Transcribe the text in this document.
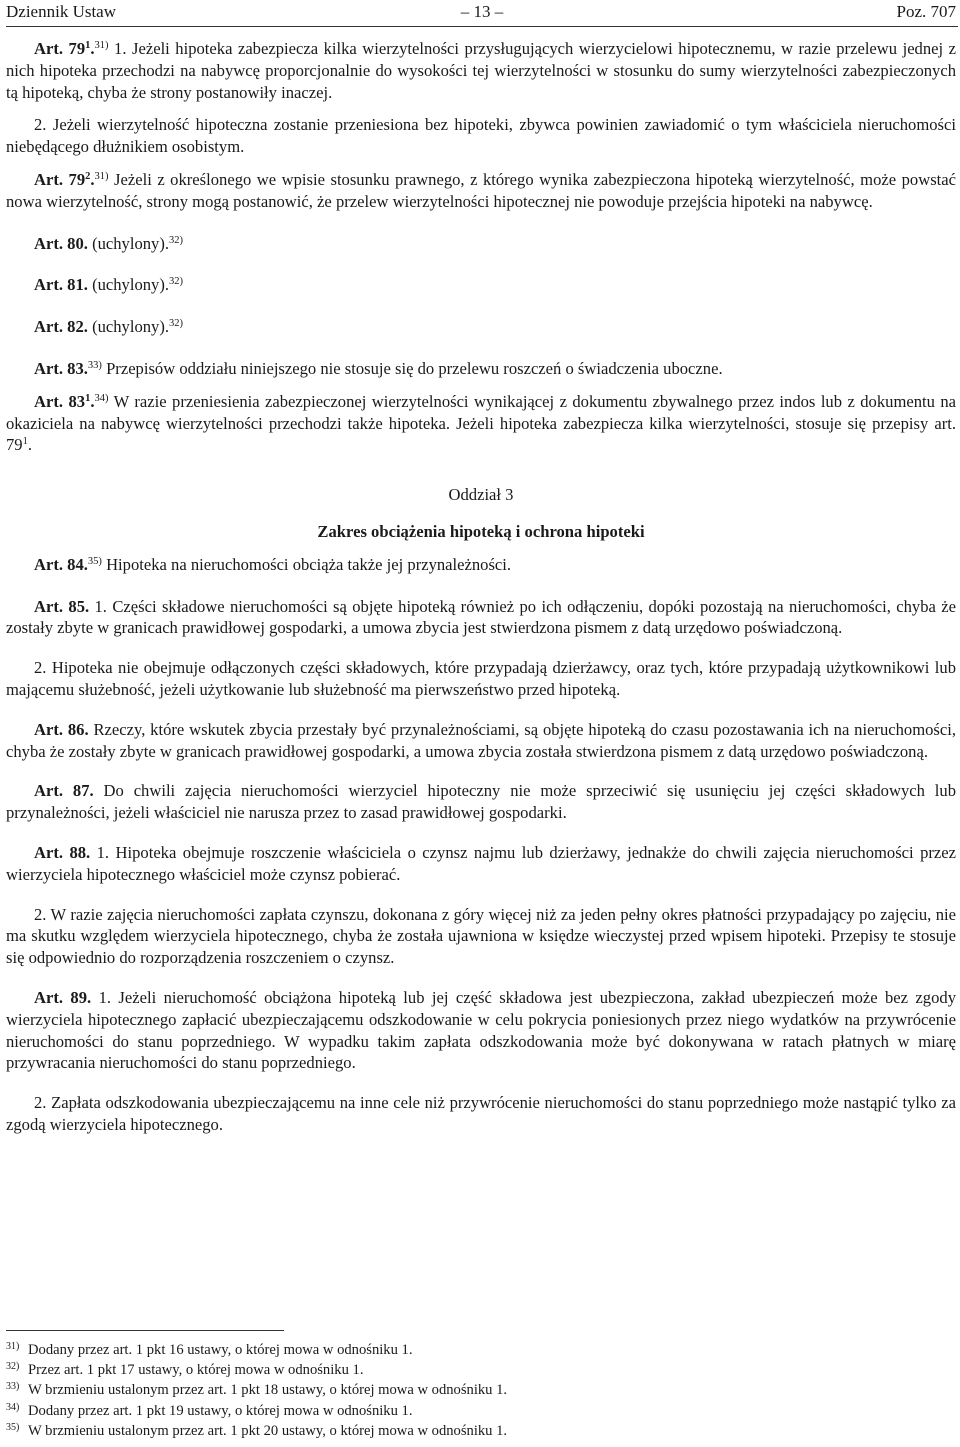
Dziennik Ustaw	– 13 –	Poz. 707

Art. $79^1.^{31)}$ 1. Jeżeli hipoteka zabezpiecza kilka wierzytelności przysługujących wierzycielowi hipotecznemu, w razie przelewu jednej z nich hipoteka przechodzi na nabywcę proporcjonalnie do wysokości tej wierzytelności w stosunku do sumy wierzytelności zabezpieczonych tą hipoteką, chyba że strony postanowiły inaczej.

2. Jeżeli wierzytelność hipoteczna zostanie przeniesiona bez hipoteki, zbywca powinien zawiadomić o tym właściciela nieruchomości niebędącego dłużnikiem osobistym.

Art. $79^2.^{31)}$ Jeżeli z określonego we wpisie stosunku prawnego, z którego wynika zabezpieczona hipoteką wierzytelność, może powstać nowa wierzytelność, strony mogą postanowić, że przelew wierzytelności hipotecznej nie powoduje przejścia hipoteki na nabywcę.

Art. 80. (uchylony).$^{32)}$

Art. 81. (uchylony).$^{32)}$

Art. 82. (uchylony).$^{32)}$

Art. 83.$^{33)}$ Przepisów oddziału niniejszego nie stosuje się do przelewu roszczeń o świadczenia uboczne.

Art. $83^1.^{34)}$ W razie przeniesienia zabezpieczonej wierzytelności wynikającej z dokumentu zbywalnego przez indos lub z dokumentu na okaziciela na nabywcę wierzytelności przechodzi także hipoteka. Jeżeli hipoteka zabezpiecza kilka wierzytelności, stosuje się przepisy art. $79^1$.

Oddział 3

Zakres obciążenia hipoteką i ochrona hipoteki

Art. 84.$^{35)}$ Hipoteka na nieruchomości obciąża także jej przynależności.

Art. 85. 1. Części składowe nieruchomości są objęte hipoteką również po ich odłączeniu, dopóki pozostają na nieruchomości, chyba że zostały zbyte w granicach prawidłowej gospodarki, a umowa zbycia jest stwierdzona pismem z datą urzędowo poświadczoną.

2. Hipoteka nie obejmuje odłączonych części składowych, które przypadają dzierżawcy, oraz tych, które przypadają użytkownikowi lub mającemu służebność, jeżeli użytkowanie lub służebność ma pierwszeństwo przed hipoteką.

Art. 86. Rzeczy, które wskutek zbycia przestały być przynależnościami, są objęte hipoteką do czasu pozostawania ich na nieruchomości, chyba że zostały zbyte w granicach prawidłowej gospodarki, a umowa zbycia została stwierdzona pismem z datą urzędowo poświadczoną.

Art. 87. Do chwili zajęcia nieruchomości wierzyciel hipoteczny nie może sprzeciwić się usunięciu jej części składowych lub przynależności, jeżeli właściciel nie narusza przez to zasad prawidłowej gospodarki.

Art. 88. 1. Hipoteka obejmuje roszczenie właściciela o czynsz najmu lub dzierżawy, jednakże do chwili zajęcia nieruchomości przez wierzyciela hipotecznego właściciel może czynsz pobierać.

2. W razie zajęcia nieruchomości zapłata czynszu, dokonana z góry więcej niż za jeden pełny okres płatności przypadający po zajęciu, nie ma skutku względem wierzyciela hipotecznego, chyba że została ujawniona w księdze wieczystej przed wpisem hipoteki. Przepisy te stosuje się odpowiednio do rozporządzenia roszczeniem o czynsz.

Art. 89. 1. Jeżeli nieruchomość obciążona hipoteką lub jej część składowa jest ubezpieczona, zakład ubezpieczeń może bez zgody wierzyciela hipotecznego zapłacić ubezpieczającemu odszkodowanie w celu pokrycia poniesionych przez niego wydatków na przywrócenie nieruchomości do stanu poprzedniego. W wypadku takim zapłata odszkodowania może być dokonywana w ratach płatnych w miarę przywracania nieruchomości do stanu poprzedniego.

2. Zapłata odszkodowania ubezpieczającemu na inne cele niż przywrócenie nieruchomości do stanu poprzedniego może nastąpić tylko za zgodą wierzyciela hipotecznego.

31) Dodany przez art. 1 pkt 16 ustawy, o której mowa w odnośniku 1.
32) Przez art. 1 pkt 17 ustawy, o której mowa w odnośniku 1.
33) W brzmieniu ustalonym przez art. 1 pkt 18 ustawy, o której mowa w odnośniku 1.
34) Dodany przez art. 1 pkt 19 ustawy, o której mowa w odnośniku 1.
35) W brzmieniu ustalonym przez art. 1 pkt 20 ustawy, o której mowa w odnośniku 1.
